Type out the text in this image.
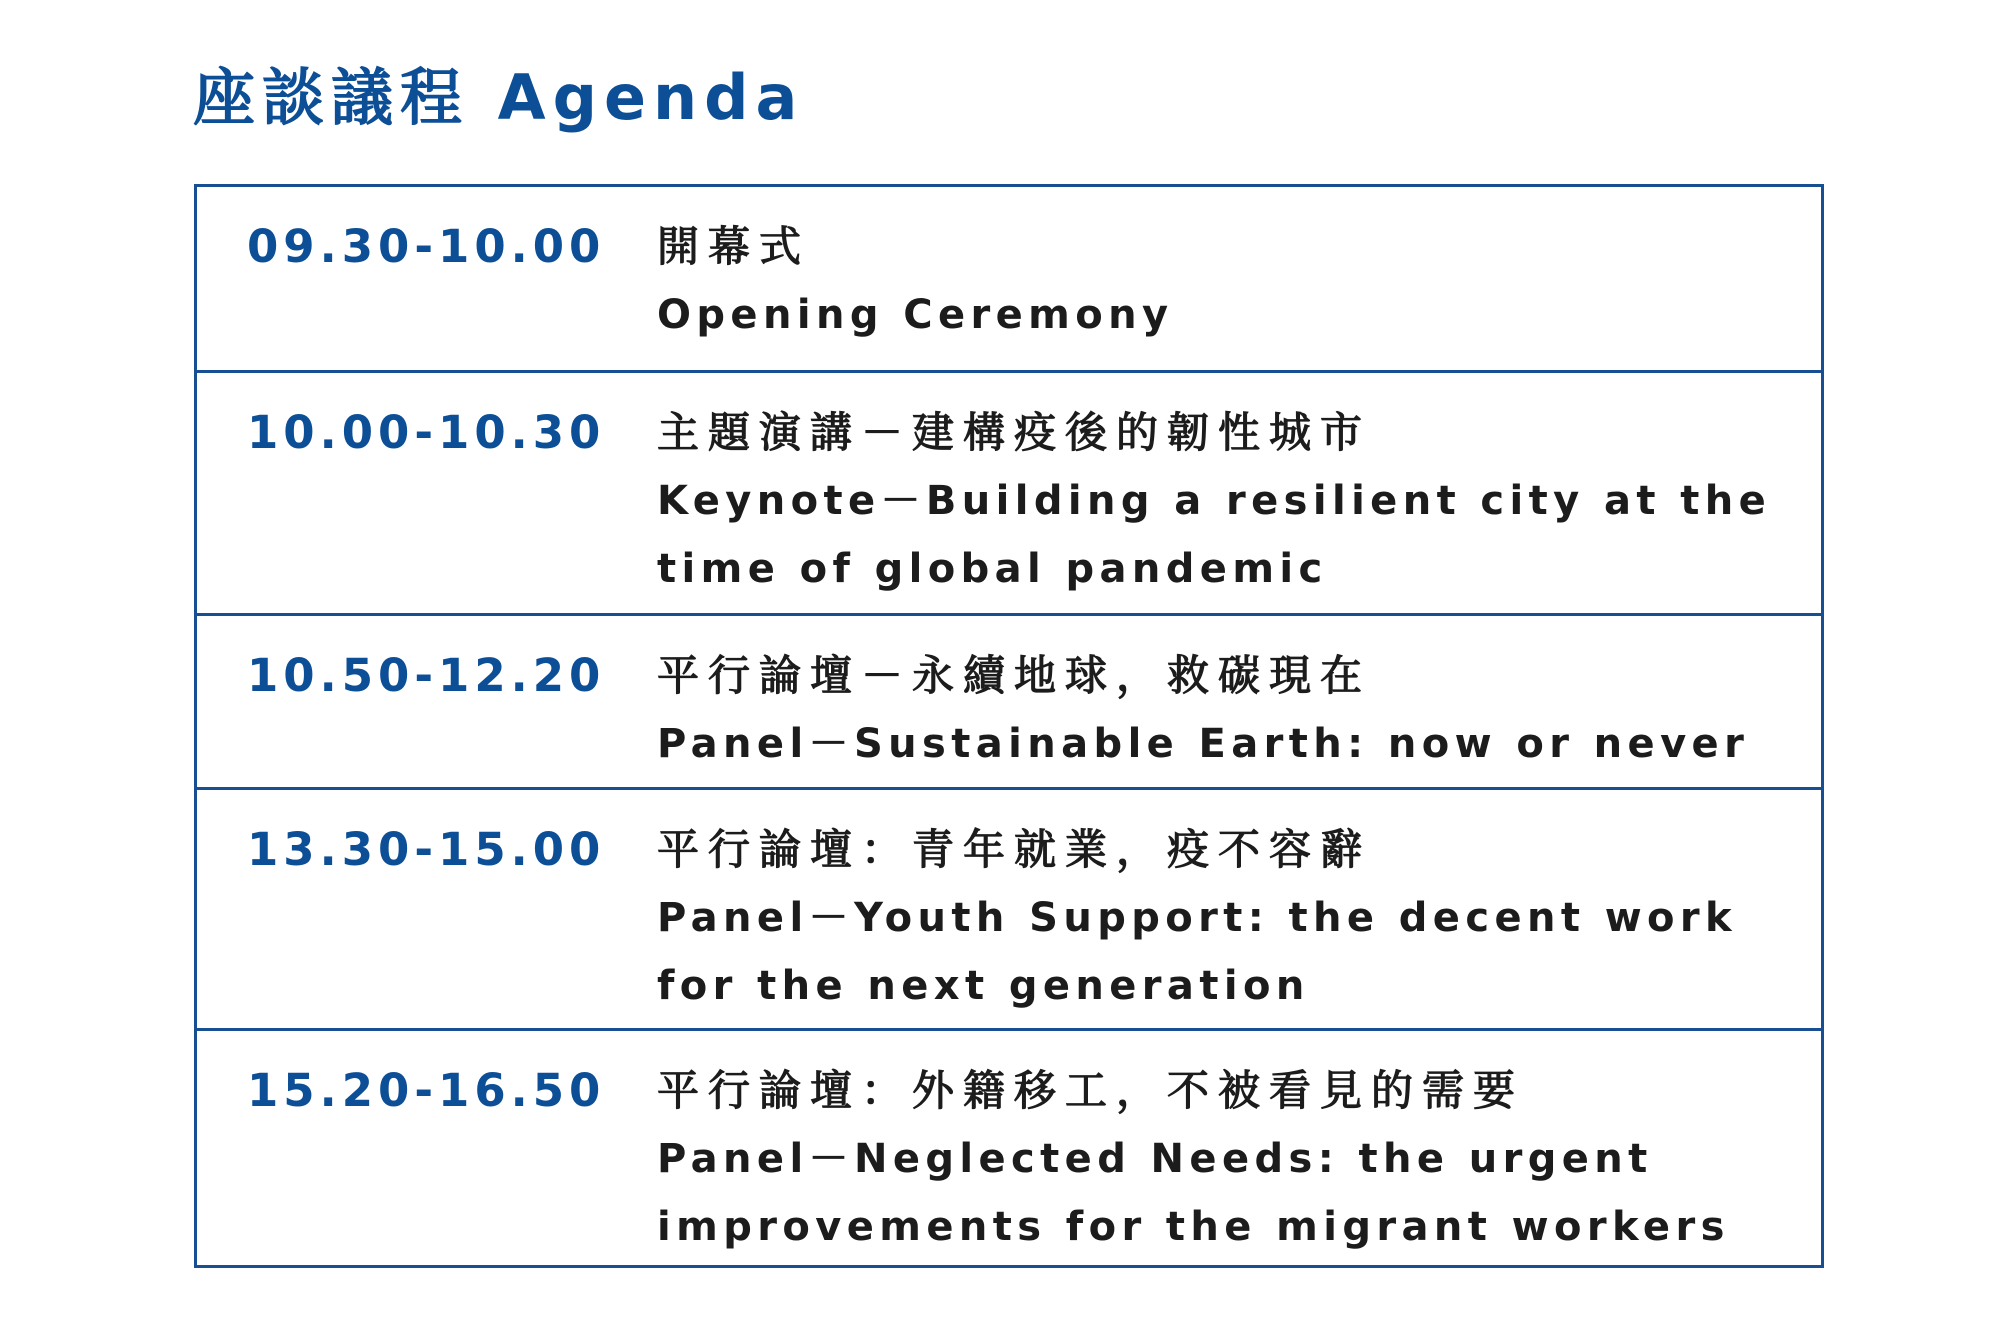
座談議程 Agenda
09.30-10.00 開幕式
Opening Ceremony
10.00-10.30 主題演講－建構疫後的韌性城市
Keynote－Building a resilient city at the time of global pandemic
10.50-12.20 平行論壇－永續地球，救碳現在
Panel－Sustainable Earth: now or never
13.30-15.00 平行論壇：青年就業，疫不容辭
Panel－Youth Support: the decent work for the next generation
15.20-16.50 平行論壇：外籍移工，不被看見的需要
Panel－Neglected Needs: the urgent improvements for the migrant workers
